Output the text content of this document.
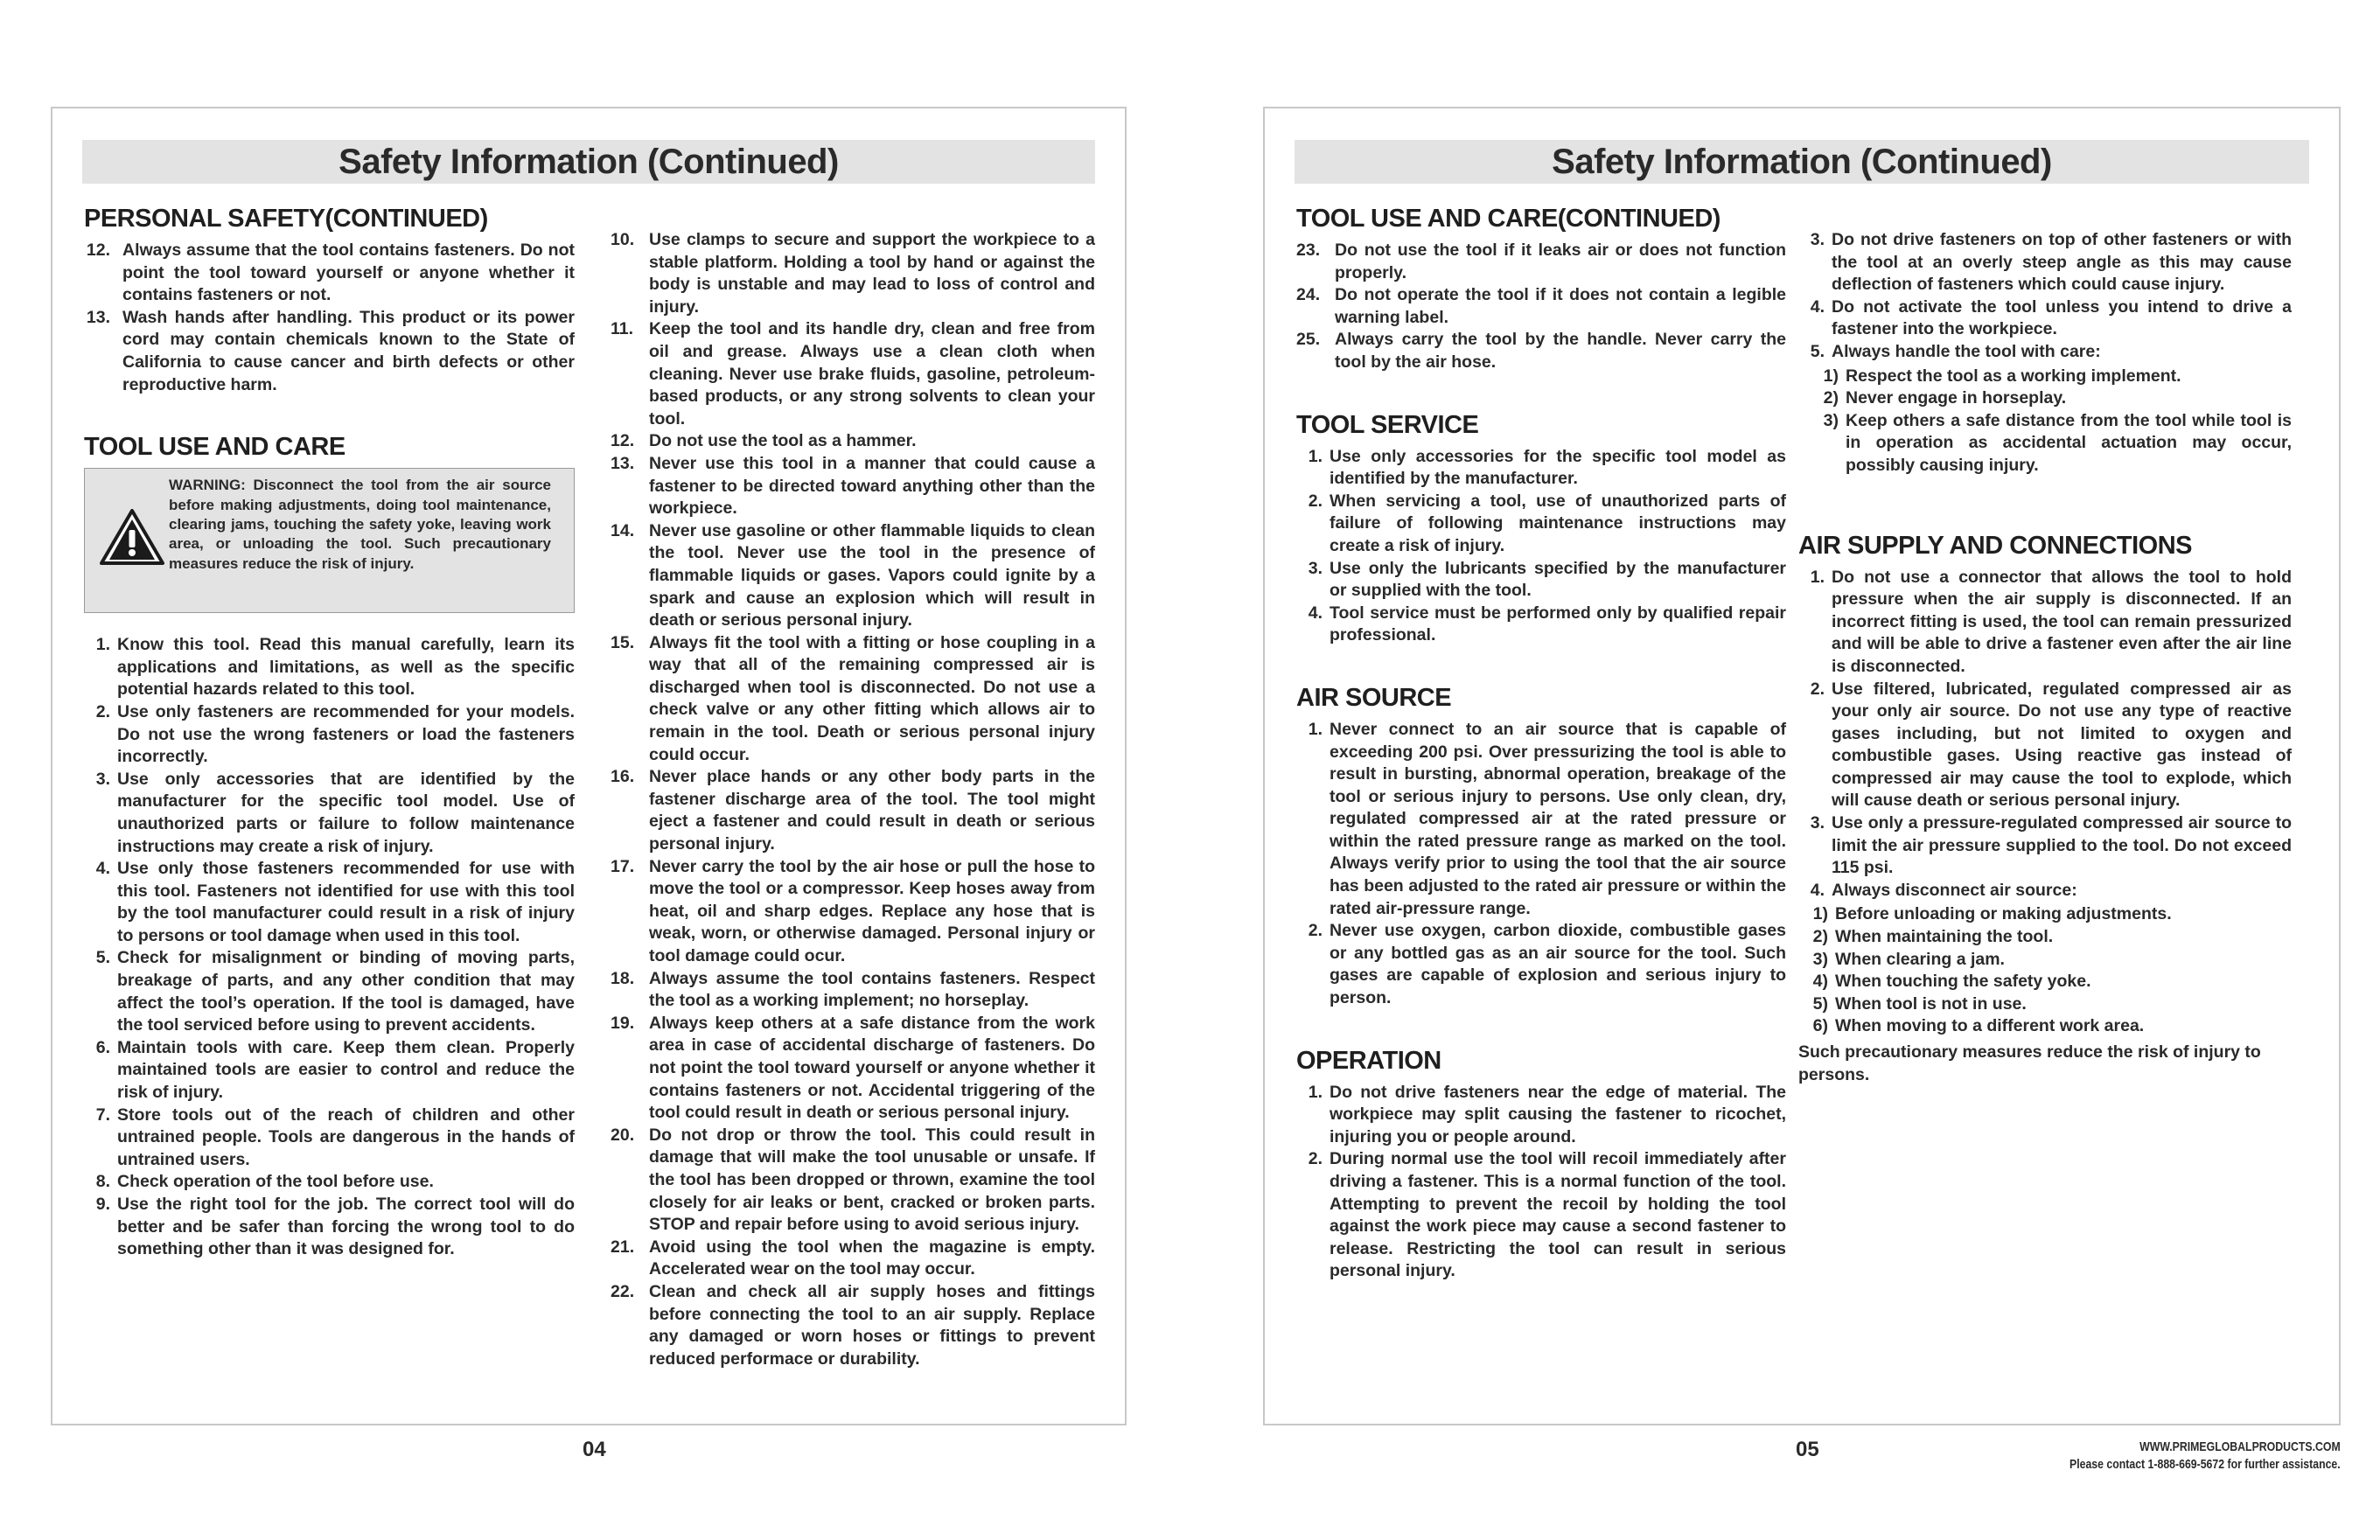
Safety Information (Continued)
PERSONAL SAFETY(CONTINUED)
12. Always assume that the tool contains fasteners. Do not point the tool toward yourself or anyone whether it contains fasteners or not.
13. Wash hands after handling. This product or its power cord may contain chemicals known to the State of California to cause cancer and birth defects or other reproductive harm.
TOOL USE AND CARE
WARNING: Disconnect the tool from the air source before making adjustments, doing tool maintenance, clearing jams, touching the safety yoke, leaving work area, or unloading the tool. Such precautionary measures reduce the risk of injury.
1. Know this tool. Read this manual carefully, learn its applications and limitations, as well as the specific potential hazards related to this tool.
2. Use only fasteners are recommended for your models. Do not use the wrong fasteners or load the fasteners incorrectly.
3. Use only accessories that are identified by the manufacturer for the specific tool model. Use of unauthorized parts or failure to follow maintenance instructions may create a risk of injury.
4. Use only those fasteners recommended for use with this tool. Fasteners not identified for use with this tool by the tool manufacturer could result in a risk of injury to persons or tool damage when used in this tool.
5. Check for misalignment or binding of moving parts, breakage of parts, and any other condition that may affect the tool’s operation. If the tool is damaged, have the tool serviced before using to prevent accidents.
6. Maintain tools with care. Keep them clean. Properly maintained tools are easier to control and reduce the risk of injury.
7. Store tools out of the reach of children and other untrained people. Tools are dangerous in the hands of untrained users.
8. Check operation of the tool before use.
9. Use the right tool for the job. The correct tool will do better and be safer than forcing the wrong tool to do something other than it was designed for.
10. Use clamps to secure and support the workpiece to a stable platform. Holding a tool by hand or against the body is unstable and may lead to loss of control and injury.
11. Keep the tool and its handle dry, clean and free from oil and grease. Always use a clean cloth when cleaning. Never use brake fluids, gasoline, petroleum-based products, or any strong solvents to clean your tool.
12. Do not use the tool as a hammer.
13. Never use this tool in a manner that could cause a fastener to be directed toward anything other than the workpiece.
14. Never use gasoline or other flammable liquids to clean the tool. Never use the tool in the presence of flammable liquids or gases. Vapors could ignite by a spark and cause an explosion which will result in death or serious personal injury.
15. Always fit the tool with a fitting or hose coupling in a way that all of the remaining compressed air is discharged when tool is disconnected. Do not use a check valve or any other fitting which allows air to remain in the tool. Death or serious personal injury could occur.
16. Never place hands or any other body parts in the fastener discharge area of the tool. The tool might eject a fastener and could result in death or serious personal injury.
17. Never carry the tool by the air hose or pull the hose to move the tool or a compressor. Keep hoses away from heat, oil and sharp edges. Replace any hose that is weak, worn, or otherwise damaged. Personal injury or tool damage could ocur.
18. Always assume the tool contains fasteners. Respect the tool as a working implement; no horseplay.
19. Always keep others at a safe distance from the work area in case of accidental discharge of fasteners. Do not point the tool toward yourself or anyone whether it contains fasteners or not. Accidental triggering of the tool could result in death or serious personal injury.
20. Do not drop or throw the tool. This could result in damage that will make the tool unusable or unsafe. If the tool has been dropped or thrown, examine the tool closely for air leaks or bent, cracked or broken parts. STOP and repair before using to avoid serious injury.
21. Avoid using the tool when the magazine is empty. Accelerated wear on the tool may occur.
22. Clean and check all air supply hoses and fittings before connecting the tool to an air supply. Replace any damaged or worn hoses or fittings to prevent reduced performace or durability.
04
Safety Information (Continued)
TOOL USE AND CARE(CONTINUED)
23. Do not use the tool if it leaks air or does not function properly.
24. Do not operate the tool if it does not contain a legible warning label.
25. Always carry the tool by the handle. Never carry the tool by the air hose.
TOOL SERVICE
1. Use only accessories for the specific tool model as identified by the manufacturer.
2. When servicing a tool, use of unauthorized parts of failure of following maintenance instructions may create a risk of injury.
3. Use only the lubricants specified by the manufacturer or supplied with the tool.
4. Tool service must be performed only by qualified repair professional.
AIR SOURCE
1. Never connect to an air source that is capable of exceeding 200 psi. Over pressurizing the tool is able to result in bursting, abnormal operation, breakage of the tool or serious injury to persons. Use only clean, dry, regulated compressed air at the rated pressure or within the rated pressure range as marked on the tool. Always verify prior to using the tool that the air source has been adjusted to the rated air pressure or within the rated air-pressure range.
2. Never use oxygen, carbon dioxide, combustible gases or any bottled gas as an air source for the tool. Such gases are capable of explosion and serious injury to person.
OPERATION
1. Do not drive fasteners near the edge of material. The workpiece may split causing the fastener to ricochet, injuring you or people around.
2. During normal use the tool will recoil immediately after driving a fastener. This is a normal function of the tool. Attempting to prevent the recoil by holding the tool against the work piece may cause a second fastener to release. Restricting the tool can result in serious personal injury.
3. Do not drive fasteners on top of other fasteners or with the tool at an overly steep angle as this may cause deflection of fasteners which could cause injury.
4. Do not activate the tool unless you intend to drive a fastener into the workpiece.
5. Always handle the tool with care:
1) Respect the tool as a working implement.
2) Never engage in horseplay.
3) Keep others a safe distance from the tool while tool is in operation as accidental actuation may occur, possibly causing injury.
AIR SUPPLY AND CONNECTIONS
1. Do not use a connector that allows the tool to hold pressure when the air supply is disconnected. If an incorrect fitting is used, the tool can remain pressurized and will be able to drive a fastener even after the air line is disconnected.
2. Use filtered, lubricated, regulated compressed air as your only air source. Do not use any type of reactive gases including, but not limited to oxygen and combustible gases. Using reactive gas instead of compressed air may cause the tool to explode, which will cause death or serious personal injury.
3. Use only a pressure-regulated compressed air source to limit the air pressure supplied to the tool. Do not exceed 115 psi.
4. Always disconnect air source:
1) Before unloading or making adjustments.
2) When maintaining the tool.
3) When clearing a jam.
4) When touching the safety yoke.
5) When tool is not in use.
6) When moving to a different work area.
Such precautionary measures reduce the risk of injury to persons.
05	WWW.PRIMEGLOBALPRODUCTS.COM
Please contact 1-888-669-5672 for further assistance.
